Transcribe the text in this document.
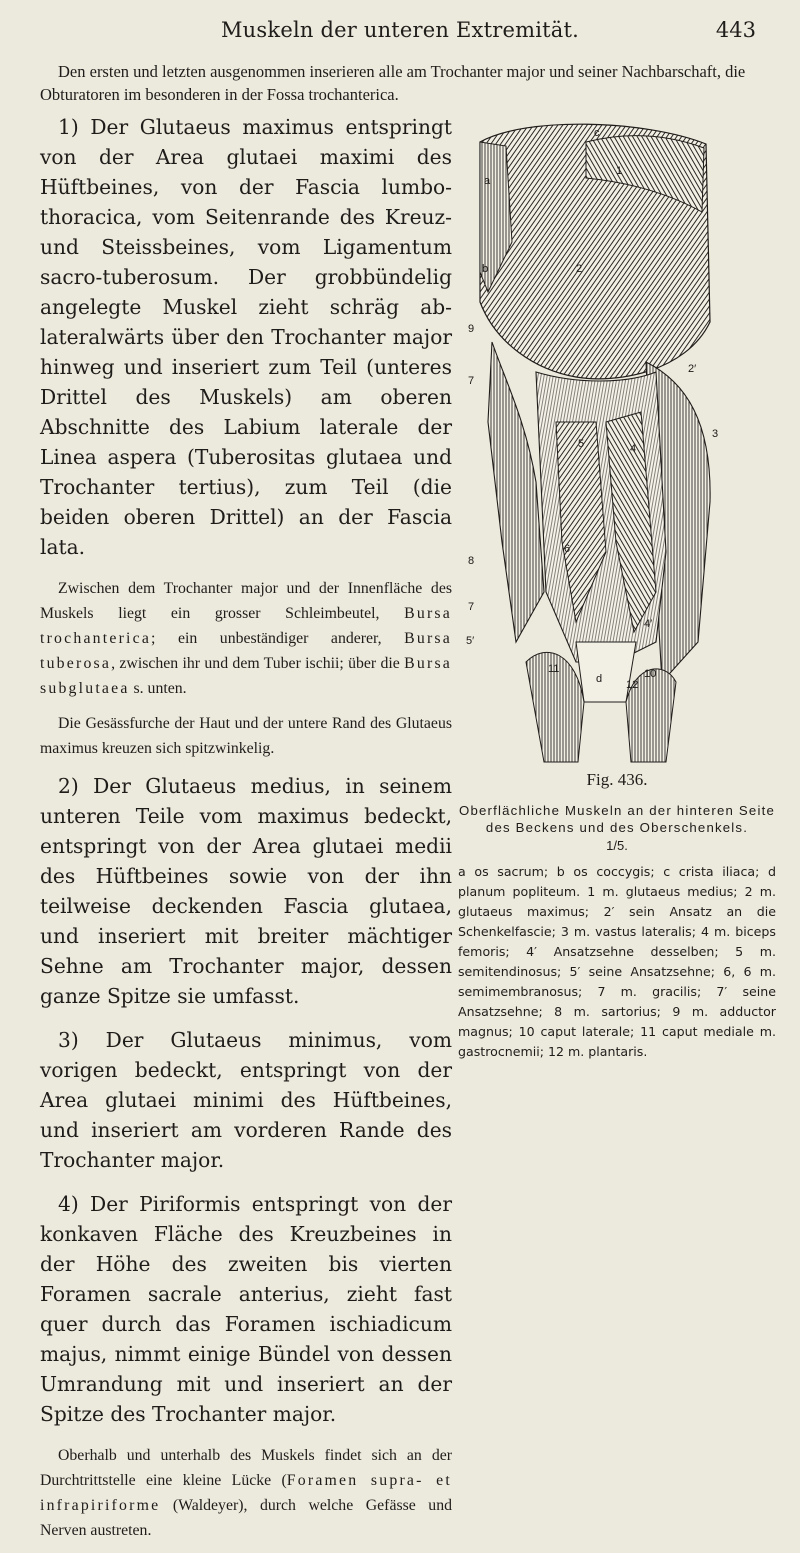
Muskeln der unteren Extremität.	443
Den ersten und letzten ausgenommen inserieren alle am Trochanter major und seiner Nachbarschaft, die Obturatoren im besonderen in der Fossa trochanterica.

1) Der Glutaeus maximus entspringt von der Area glutaei maximi des Hüftbeines, von der Fascia lumbo-thoracica, vom Seitenrande des Kreuz- und Steissbeines, vom Ligamentum sacro-tuberosum. Der grobbündelig angelegte Muskel zieht schräg ab-lateralwärts über den Trochanter major hinweg und inseriert zum Teil (unteres Drittel des Muskels) am oberen Abschnitte des Labium laterale der Linea aspera (Tuberositas glutaea und Trochanter tertius), zum Teil (die beiden oberen Drittel) an der Fascia lata.

Zwischen dem Trochanter major und der Innenfläche des Muskels liegt ein grosser Schleimbeutel, Bursa trochanterica; ein unbeständiger anderer, Bursa tuberosa, zwischen ihr und dem Tuber ischii; über die Bursa subglutaea s. unten.

Die Gesässfurche der Haut und der untere Rand des Glutaeus maximus kreuzen sich spitzwinkelig.

2) Der Glutaeus medius, in seinem unteren Teile vom maximus bedeckt, entspringt von der Area glutaei medii des Hüftbeines sowie von der ihn teilweise deckenden Fascia glutaea, und inseriert mit breiter mächtiger Sehne am Trochanter major, dessen ganze Spitze sie umfasst.

3) Der Glutaeus minimus, vom vorigen bedeckt, entspringt von der Area glutaei minimi des Hüftbeines, und inseriert am vorderen Rande des Trochanter major.

4) Der Piriformis entspringt von der konkaven Fläche des Kreuzbeines in der Höhe des zweiten bis vierten Foramen sacrale anterius, zieht fast quer durch das Foramen ischiadicum majus, nimmt einige Bündel von dessen Umrandung mit und inseriert an der Spitze des Trochanter major.

Oberhalb und unterhalb des Muskels findet sich an der Durchtrittstelle eine kleine Lücke (Foramen supra- et infrapiriforme (Waldeyer), durch welche Gefässe und Nerven austreten.

c
a
b
1
2
2′
9
7
3
4
5
6
8
7
5′
4′
11	10
12
d
Fig. 436.
Oberflächliche Muskeln an der hinteren Seite des Beckens und des Oberschenkels.
1/5.
a os sacrum; b os coccygis; c crista iliaca; d planum popliteum. 1 m. glutaeus medius; 2 m. glutaeus maximus; 2′ sein Ansatz an die Schenkelfascie; 3 m. vastus lateralis; 4 m. biceps femoris; 4′ Ansatzsehne desselben; 5 m. semitendinosus; 5′ seine Ansatzsehne; 6, 6 m. semimembranosus; 7 m. gracilis; 7′ seine Ansatzsehne; 8 m. sartorius; 9 m. adductor magnus; 10 caput laterale; 11 caput mediale m. gastrocnemii; 12 m. plantaris.
